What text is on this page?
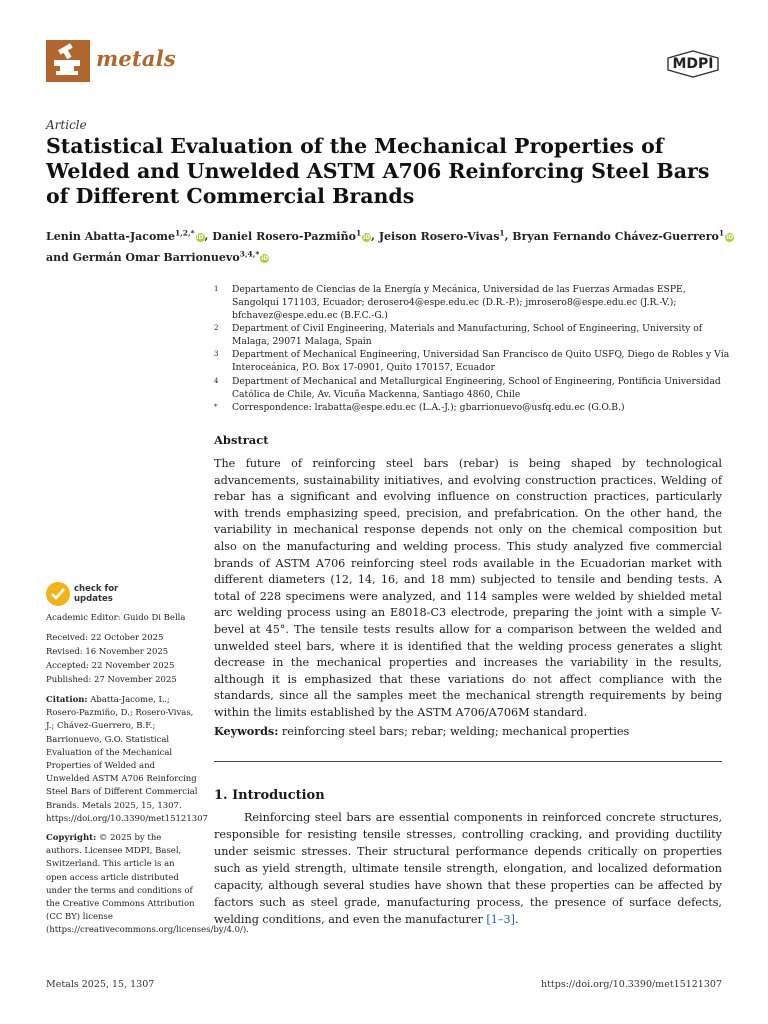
metals	MDPI
Article
Statistical Evaluation of the Mechanical Properties of Welded and Unwelded ASTM A706 Reinforcing Steel Bars of Different Commercial Brands
Lenin Abatta-Jacome$^{1,2,*}$iD, Daniel Rosero-Pazmiño$^1$iD, Jeison Rosero-Vivas$^1$, Bryan Fernando Chávez-Guerrero$^1$iD
and Germán Omar Barrionuevo$^{3,4,*}$iD
1 Departamento de Ciencias de la Energía y Mecánica, Universidad de las Fuerzas Armadas ESPE, Sangolquí 171103, Ecuador; derosero4@espe.edu.ec (D.R.-P.); jmrosero8@espe.edu.ec (J.R.-V.); bfchavez@espe.edu.ec (B.F.C.-G.)
2 Department of Civil Engineering, Materials and Manufacturing, School of Engineering, University of Malaga, 29071 Malaga, Spain
3 Department of Mechanical Engineering, Universidad San Francisco de Quito USFQ, Diego de Robles y Vía Interoceánica, P.O. Box 17-0901, Quito 170157, Ecuador
4 Department of Mechanical and Metallurgical Engineering, School of Engineering, Pontificia Universidad Católica de Chile, Av. Vicuña Mackenna, Santiago 4860, Chile
* Correspondence: lrabatta@espe.edu.ec (L.A.-J.); gbarrionuevo@usfq.edu.ec (G.O.B.)
Abstract
The future of reinforcing steel bars (rebar) is being shaped by technological advancements, sustainability initiatives, and evolving construction practices. Welding of rebar has a significant and evolving influence on construction practices, particularly with trends emphasizing speed, precision, and prefabrication. On the other hand, the variability in mechanical response depends not only on the chemical composition but also on the manufacturing and welding process. This study analyzed five commercial brands of ASTM A706 reinforcing steel rods available in the Ecuadorian market with different diameters (12, 14, 16, and 18 mm) subjected to tensile and bending tests. A total of 228 specimens were analyzed, and 114 samples were welded by shielded metal arc welding process using an E8018-C3 electrode, preparing the joint with a simple V-bevel at 45°. The tensile tests results allow for a comparison between the welded and unwelded steel bars, where it is identified that the welding process generates a slight decrease in the mechanical properties and increases the variability in the results, although it is emphasized that these variations do not affect compliance with the standards, since all the samples meet the mechanical strength requirements by being within the limits established by the ASTM A706/A706M standard.
Keywords: reinforcing steel bars; rebar; welding; mechanical properties
1. Introduction
Reinforcing steel bars are essential components in reinforced concrete structures, responsible for resisting tensile stresses, controlling cracking, and providing ductility under seismic stresses. Their structural performance depends critically on properties such as yield strength, ultimate tensile strength, elongation, and localized deformation capacity, although several studies have shown that these properties can be affected by factors such as steel grade, manufacturing process, the presence of surface defects, welding conditions, and even the manufacturer [1–3].
check for
updates
Academic Editor: Guido Di Bella
Received: 22 October 2025
Revised: 16 November 2025
Accepted: 22 November 2025
Published: 27 November 2025
Citation: Abatta-Jacome, L.; Rosero-Pazmiño, D.; Rosero-Vivas, J.; Chávez-Guerrero, B.F.; Barrionuevo, G.O. Statistical Evaluation of the Mechanical Properties of Welded and Unwelded ASTM A706 Reinforcing Steel Bars of Different Commercial Brands. Metals 2025, 15, 1307. https://doi.org/10.3390/met15121307
Copyright: © 2025 by the authors. Licensee MDPI, Basel, Switzerland. This article is an open access article distributed under the terms and conditions of the Creative Commons Attribution (CC BY) license (https://creativecommons.org/licenses/by/4.0/).
Metals 2025, 15, 1307	https://doi.org/10.3390/met15121307
